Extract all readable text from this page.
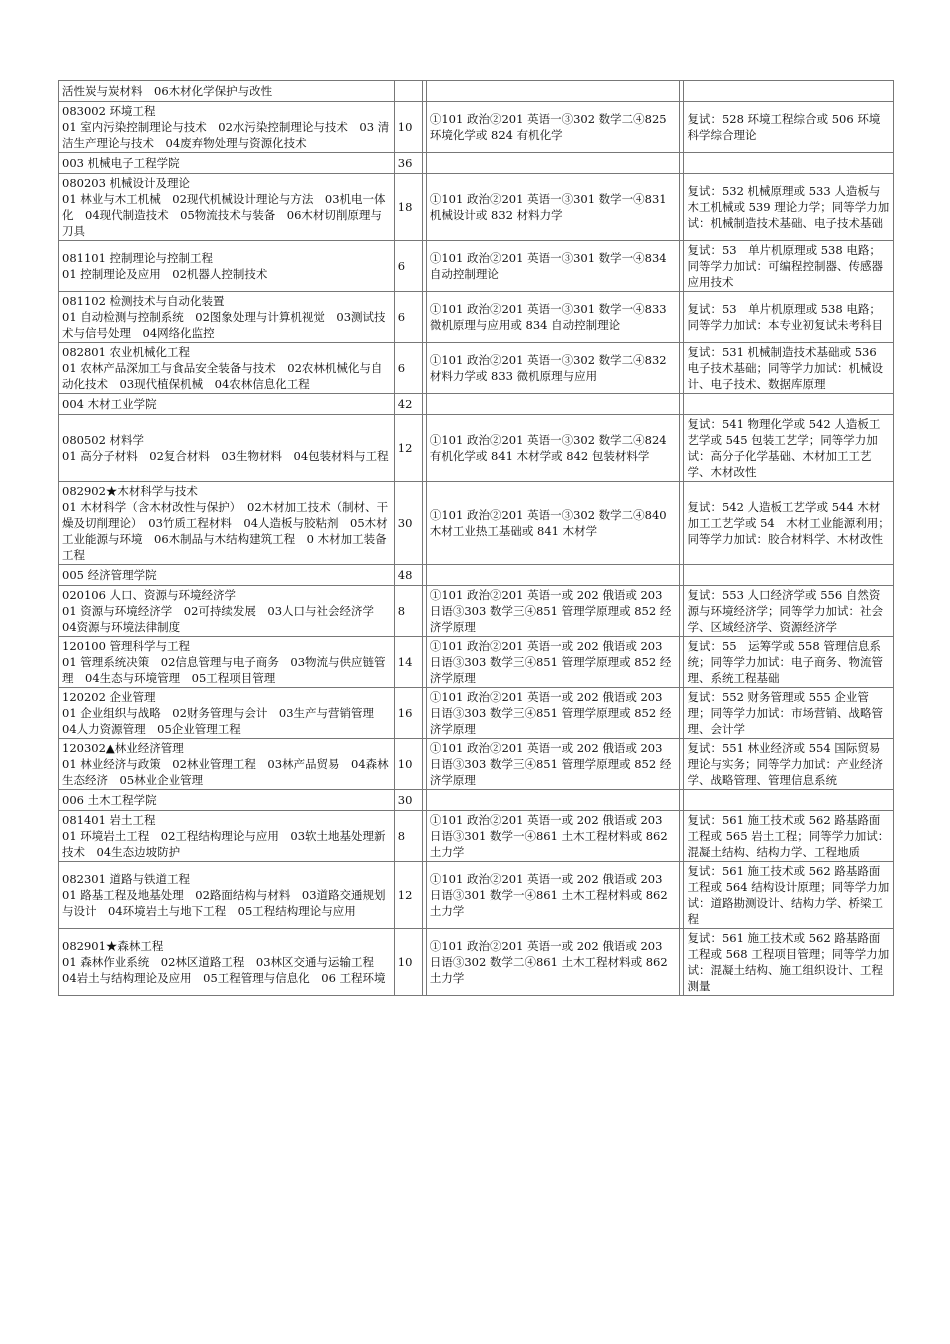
活性炭与炭材料　06木材化学保护与改性					

083002 环境工程
01 室内污染控制理论与技术　02水污染控制理论与技术　03 清洁生产理论与技术　04废弃物处理与资源化技术	10		①101 政治②201 英语一③302 数学二④825 环境化学或 824 有机化学		复试：528 环境工程综合或 506 环境科学综合理论
003 机械电子工程学院	36				

080203 机械设计及理论
01 林业与木工机械　02现代机械设计理论与方法　03机电一体化　04现代制造技术　05物流技术与装备　06木材切削原理与刀具	18		①101 政治②201 英语一③301 数学一④831 机械设计或 832 材料力学		复试：532 机械原理或 533 人造板与木工机械或 539 理论力学；同等学力加试：机械制造技术基础、电子技术基础

081101 控制理论与控制工程
01 控制理论及应用　02机器人控制技术	6		①101 政治②201 英语一③301 数学一④834 自动控制理论		复试：53　单片机原理或 538 电路；同等学力加试：可编程控制器、传感器应用技术

081102 检测技术与自动化装置
01 自动检测与控制系统　02图象处理与计算机视觉　03测试技术与信号处理　04网络化监控	6		①101 政治②201 英语一③301 数学一④833 微机原理与应用或 834 自动控制理论		复试：53　单片机原理或 538 电路；同等学力加试：本专业初复试未考科目

082801 农业机械化工程
01 农林产品深加工与食品安全装备与技术　02农林机械化与自动化技术　03现代植保机械　04农林信息化工程	6		①101 政治②201 英语一③302 数学二④832 材料力学或 833 微机原理与应用		复试：531 机械制造技术基础或 536 电子技术基础；同等学力加试：机械设计、电子技术、数据库原理
004 木材工业学院	42				

080502 材料学
01 高分子材料　02复合材料　03生物材料　04包装材料与工程	12		①101 政治②201 英语一③302 数学二④824 有机化学或 841 木材学或 842 包装材料学		复试：541 物理化学或 542 人造板工艺学或 545 包装工艺学；同等学力加试：高分子化学基础、木材加工工艺学、木材改性

082902★木材科学与技术
01 木材科学（含木材改性与保护）　02木材加工技术（制材、干燥及切削理论）　03竹质工程材料　04人造板与胶粘剂　05木材工业能源与环境　06木制品与木结构建筑工程　0 木材加工装备工程	30		①101 政治②201 英语一③302 数学二④840 木材工业热工基础或 841 木材学		复试：542 人造板工艺学或 544 木材加工工艺学或 54　木材工业能源利用；同等学力加试：胶合材料学、木材改性
005 经济管理学院	48				

020106 人口、资源与环境经济学
01 资源与环境经济学　02可持续发展　03人口与社会经济学　04资源与环境法律制度	8		①101 政治②201 英语一或 202 俄语或 203 日语③303 数学三④851 管理学原理或 852 经济学原理		复试：553 人口经济学或 556 自然资源与环境经济学；同等学力加试：社会学、区域经济学、资源经济学

120100 管理科学与工程
01 管理系统决策　02信息管理与电子商务　03物流与供应链管理　04生态与环境管理　05工程项目管理	14		①101 政治②201 英语一或 202 俄语或 203 日语③303 数学三④851 管理学原理或 852 经济学原理		复试：55　运筹学或 558 管理信息系统；同等学力加试：电子商务、物流管理、系统工程基础

120202 企业管理
01 企业组织与战略　02财务管理与会计　03生产与营销管理　04人力资源管理　05企业管理工程	16		①101 政治②201 英语一或 202 俄语或 203 日语③303 数学三④851 管理学原理或 852 经济学原理		复试：552 财务管理或 555 企业管理；同等学力加试：市场营销、战略管理、会计学

120302▲林业经济管理
01 林业经济与政策　02林业管理工程　03林产品贸易　04森林生态经济　05林业企业管理	10		①101 政治②201 英语一或 202 俄语或 203 日语③303 数学三④851 管理学原理或 852 经济学原理		复试：551 林业经济或 554 国际贸易理论与实务；同等学力加试：产业经济学、战略管理、管理信息系统
006 土木工程学院	30				

081401 岩土工程
01 环境岩土工程　02工程结构理论与应用　03软土地基处理新技术　04生态边坡防护	8		①101 政治②201 英语一或 202 俄语或 203 日语③301 数学一④861 土木工程材料或 862 土力学		复试：561 施工技术或 562 路基路面工程或 565 岩土工程；同等学力加试：混凝土结构、结构力学、工程地质

082301 道路与铁道工程
01 路基工程及地基处理　02路面结构与材料　03道路交通规划与设计　04环境岩土与地下工程　05工程结构理论与应用	12		①101 政治②201 英语一或 202 俄语或 203 日语③301 数学一④861 土木工程材料或 862 土力学		复试：561 施工技术或 562 路基路面工程或 564 结构设计原理；同等学力加试：道路勘测设计、结构力学、桥梁工程

082901★森林工程
01 森林作业系统　02林区道路工程　03林区交通与运输工程　04岩土与结构理论及应用　05工程管理与信息化　06 工程环境	10		①101 政治②201 英语一或 202 俄语或 203 日语③302 数学二④861 土木工程材料或 862 土力学		复试：561 施工技术或 562 路基路面工程或 568 工程项目管理；同等学力加试：混凝土结构、施工组织设计、工程测量
